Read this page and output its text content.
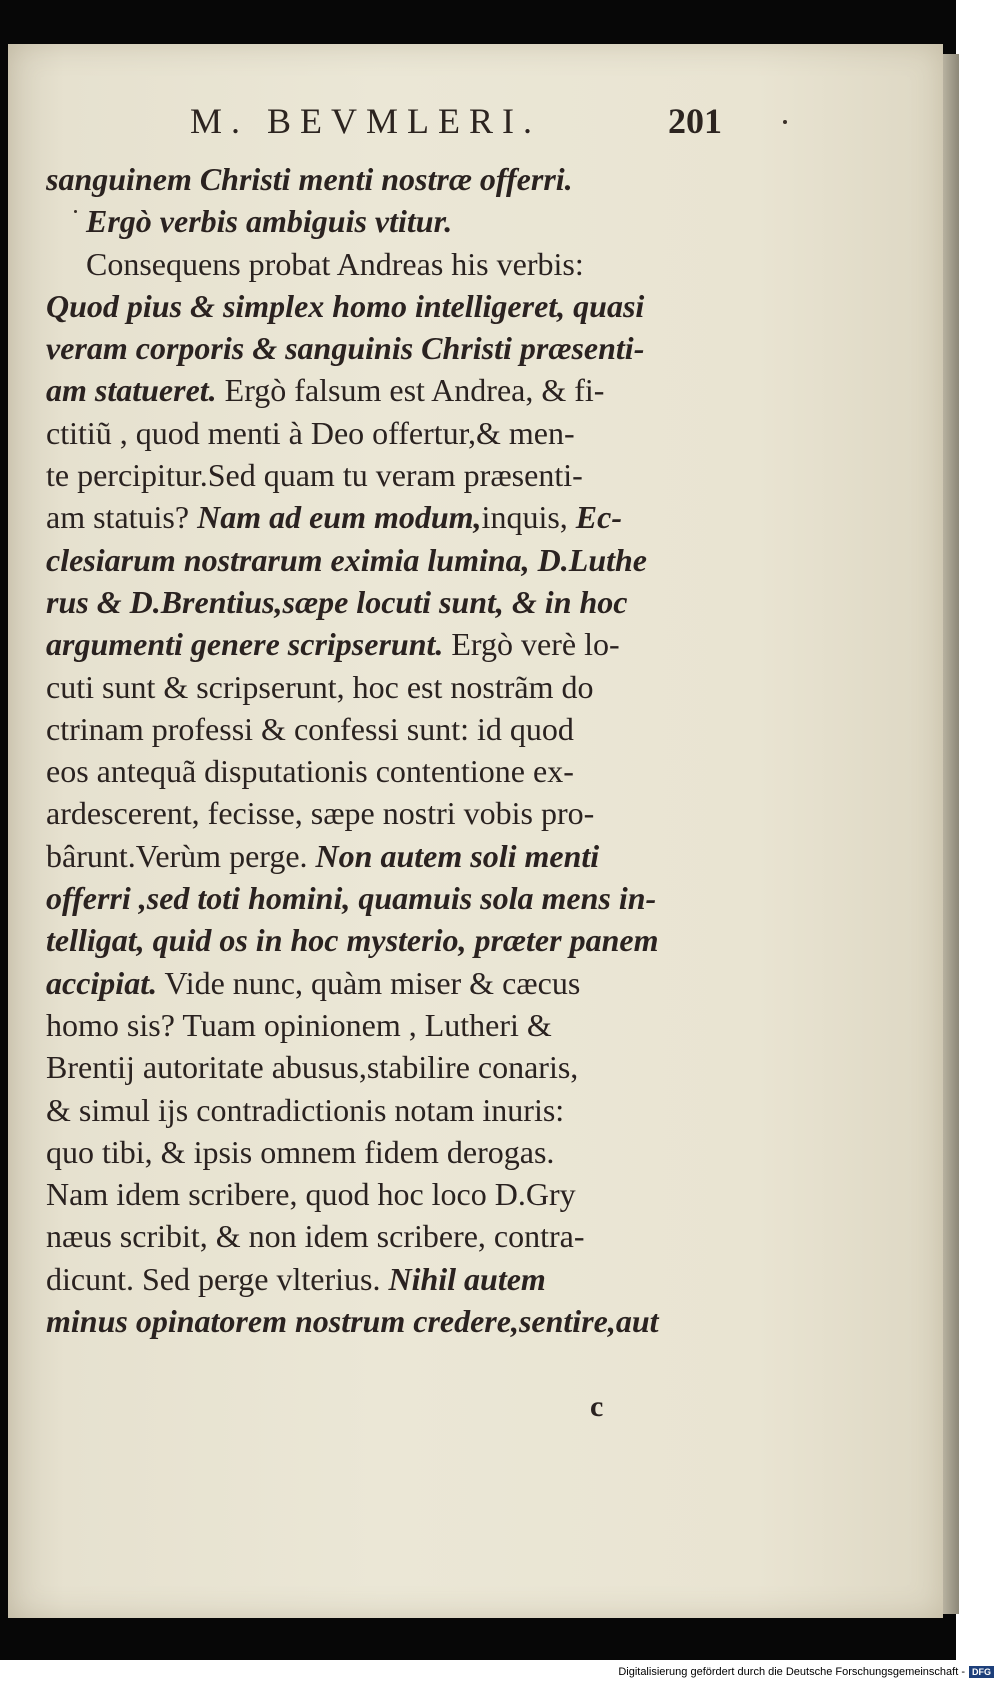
M. BEVMLERI.	201
sanguinem Christi menti nostræ offerri.
Ergò verbis ambiguis vtitur.
Consequens probat Andreas his verbis:
Quod pius & simplex homo intelligeret, quasi
veram corporis & sanguinis Christi præsenti-
am statueret. Ergò falsum est Andrea, & fi-
ctitiũ , quod menti à Deo offertur,& men-
te percipitur.Sed quam tu veram præsenti-
am statuis? Nam ad eum modum,inquis, Ec-
clesiarum nostrarum eximia lumina, D.Luthe
rus & D.Brentius,sæpe locuti sunt, & in hoc
argumenti genere scripserunt. Ergò verè lo-
cuti sunt & scripserunt, hoc est nostrãm do
ctrinam professi & confessi sunt: id quod
eos antequã disputationis contentione ex-
ardescerent, fecisse, sæpe nostri vobis pro-
bârunt.Verùm perge. Non autem soli menti
offerri ,sed toti homini, quamuis sola mens in-
telligat, quid os in hoc mysterio, præter panem
accipiat. Vide nunc, quàm miser & cæcus
homo sis? Tuam opinionem , Lutheri &
Brentij autoritate abusus,stabilire conaris,
& simul ijs contradictionis notam inuris:
quo tibi, & ipsis omnem fidem derogas.
Nam idem scribere, quod hoc loco D.Gry
næus scribit, & non idem scribere, contra-
dicunt. Sed perge vlterius. Nihil autem
minus opinatorem nostrum credere,sentire,aut
c
Digitalisierung gefördert durch die Deutsche Forschungsgemeinschaft - DFG
